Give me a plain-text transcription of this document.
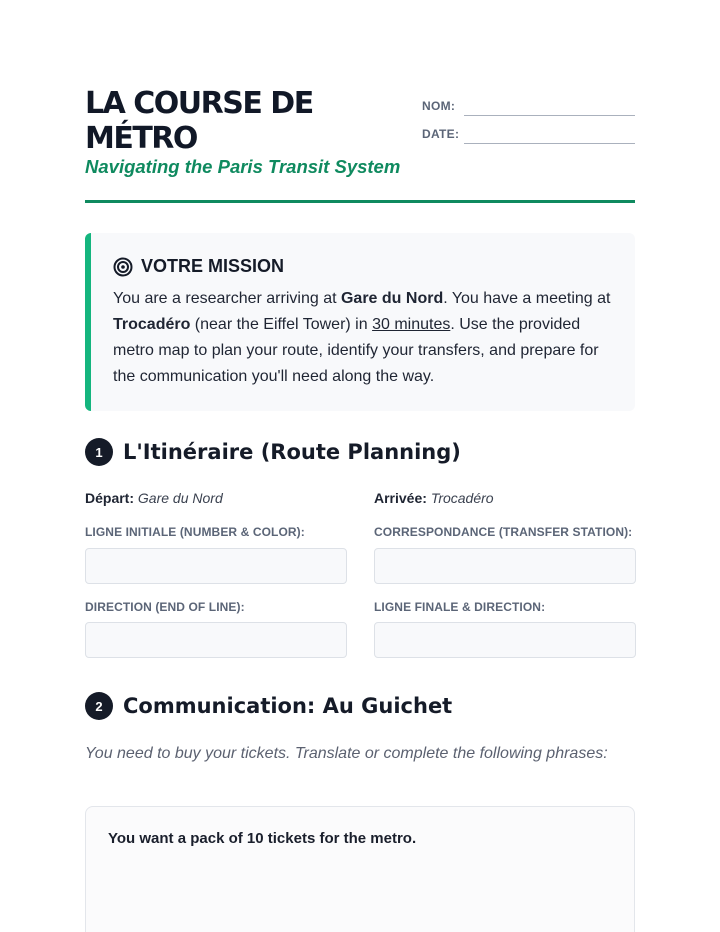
LA COURSE DE MÉTRO
Navigating the Paris Transit System
NOM:
DATE:
VOTRE MISSION

You are a researcher arriving at Gare du Nord. You have a meeting at Trocadéro (near the Eiffel Tower) in 30 minutes. Use the provided metro map to plan your route, identify your transfers, and prepare for the communication you'll need along the way.

1 L'Itinéraire (Route Planning)
Départ: Gare du Nord	Arrivée: Trocadéro
LIGNE INITIALE (NUMBER & COLOR):	CORRESPONDANCE (TRANSFER STATION):
DIRECTION (END OF LINE):	LIGNE FINALE & DIRECTION:
2 Communication: Au Guichet

You need to buy your tickets. Translate or complete the following phrases:

You want a pack of 10 tickets for the metro.
